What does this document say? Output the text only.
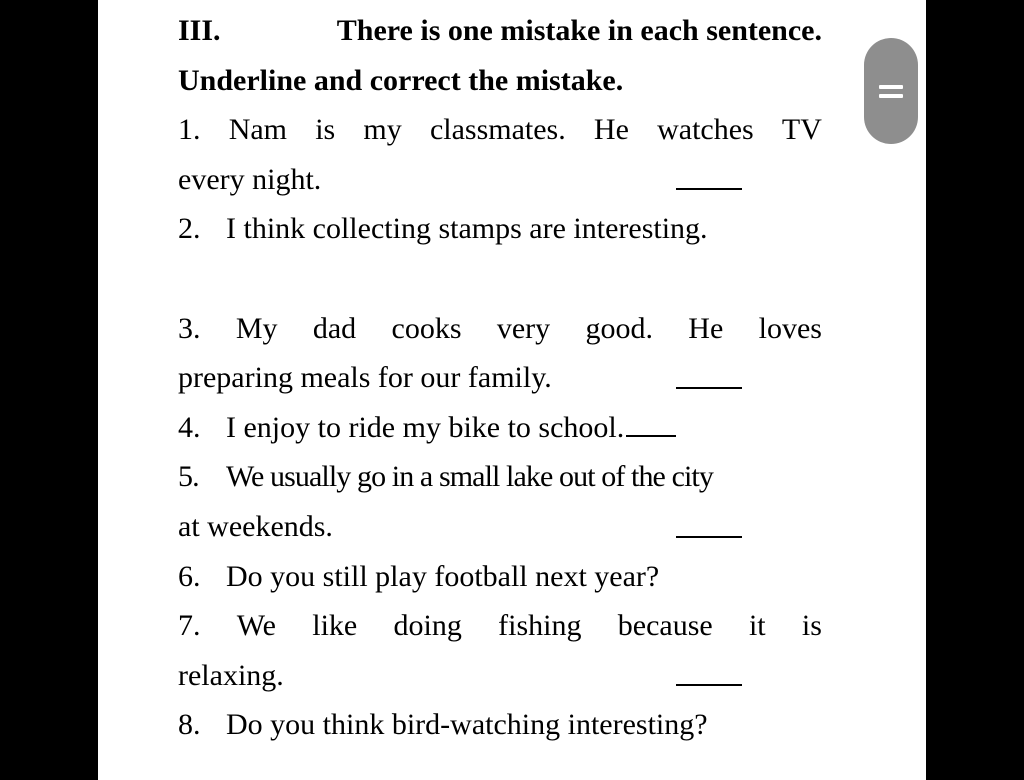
III.	There is one mistake in each sentence.
Underline and correct the mistake.
1. Nam is my classmates. He watches TV
every night.
2. I think collecting stamps are interesting.
3. My dad cooks very good. He loves
preparing meals for our family.
4. I enjoy to ride my bike to school.
5. We usually go in a small lake out of the city
at weekends.
6. Do you still play football next year?
7. We like doing fishing because it is
relaxing.
8. Do you think bird-watching interesting?
